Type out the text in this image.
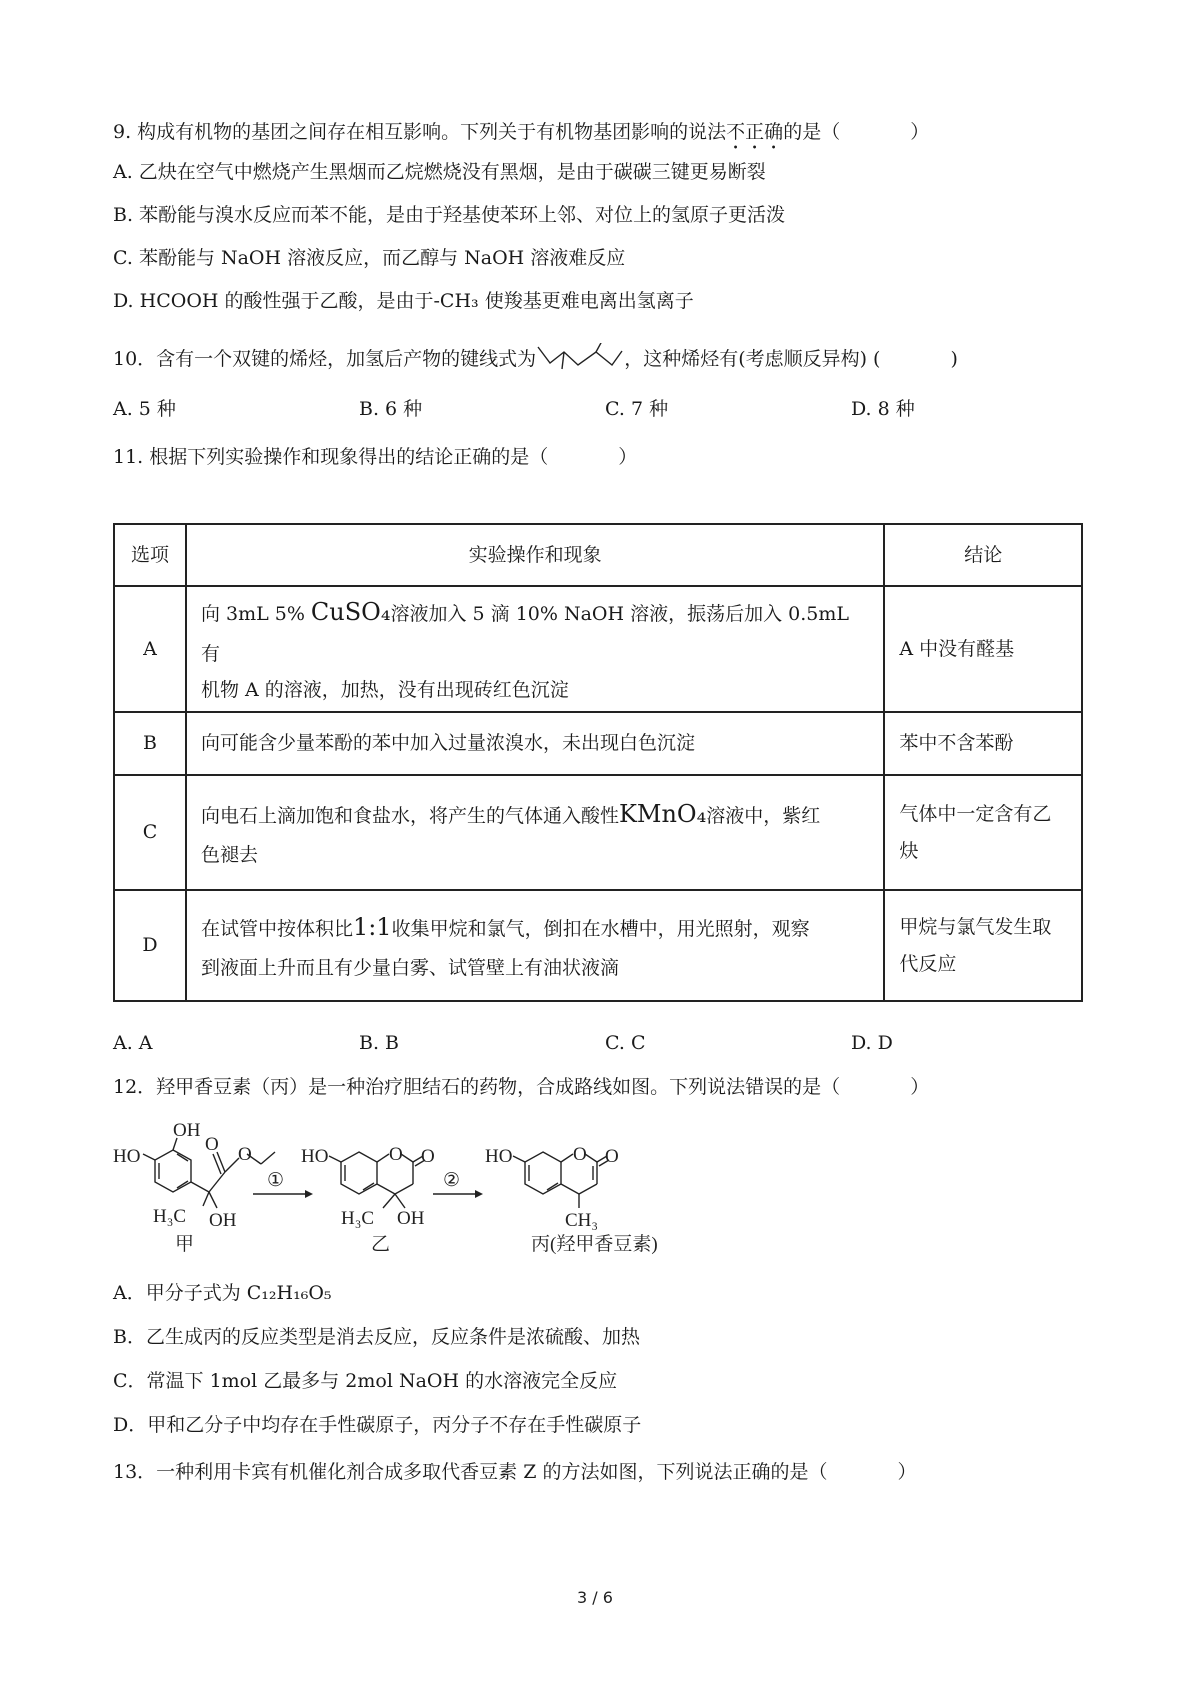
9. 构成有机物的基团之间存在相互影响。下列关于有机物基团影响的说法不正确的是（	）
A. 乙炔在空气中燃烧产生黑烟而乙烷燃烧没有黑烟，是由于碳碳三键更易断裂
B. 苯酚能与溴水反应而苯不能，是由于羟基使苯环上邻、对位上的氢原子更活泼
C. 苯酚能与 NaOH 溶液反应，而乙醇与 NaOH 溶液难反应
D. HCOOH 的酸性强于乙酸，是由于-CH₃ 使羧基更难电离出氢离子
10．含有一个双键的烯烃，加氢后产物的键线式为	，这种烯烃有(考虑顺反异构) (	)
A. 5 种	B. 6 种	C. 7 种	D. 8 种
11. 根据下列实验操作和现象得出的结论正确的是（	）
选项	实验操作和现象	结论
A	向 3mL 5% CuSO₄溶液加入 5 滴 10% NaOH 溶液，振荡后加入 0.5mL 有
机物 A 的溶液，加热，没有出现砖红色沉淀	A 中没有醛基
B	向可能含少量苯酚的苯中加入过量浓溴水，未出现白色沉淀	苯中不含苯酚
C	向电石上滴加饱和食盐水，将产生的气体通入酸性KMnO₄溶液中，紫红
色褪去	气体中一定含有乙
炔
D	在试管中按体积比1:1收集甲烷和氯气，倒扣在水槽中，用光照射，观察
到液面上升而且有少量白雾、试管壁上有油状液滴	甲烷与氯气发生取
代反应
A. A	B. B	C. C	D. D
12．羟甲香豆素（丙）是一种治疗胆结石的药物，合成路线如图。下列说法错误的是（	）
HO
OH
O O
H₃C OH
甲
①
HO	O O
H₃C OH
乙
②
HO	O O
CH₃
丙(羟甲香豆素)
A．甲分子式为 C₁₂H₁₆O₅
B．乙生成丙的反应类型是消去反应，反应条件是浓硫酸、加热
C．常温下 1mol 乙最多与 2mol NaOH 的水溶液完全反应
D．甲和乙分子中均存在手性碳原子，丙分子不存在手性碳原子
13．一种利用卡宾有机催化剂合成多取代香豆素 Z 的方法如图，下列说法正确的是（	）
3 / 6
